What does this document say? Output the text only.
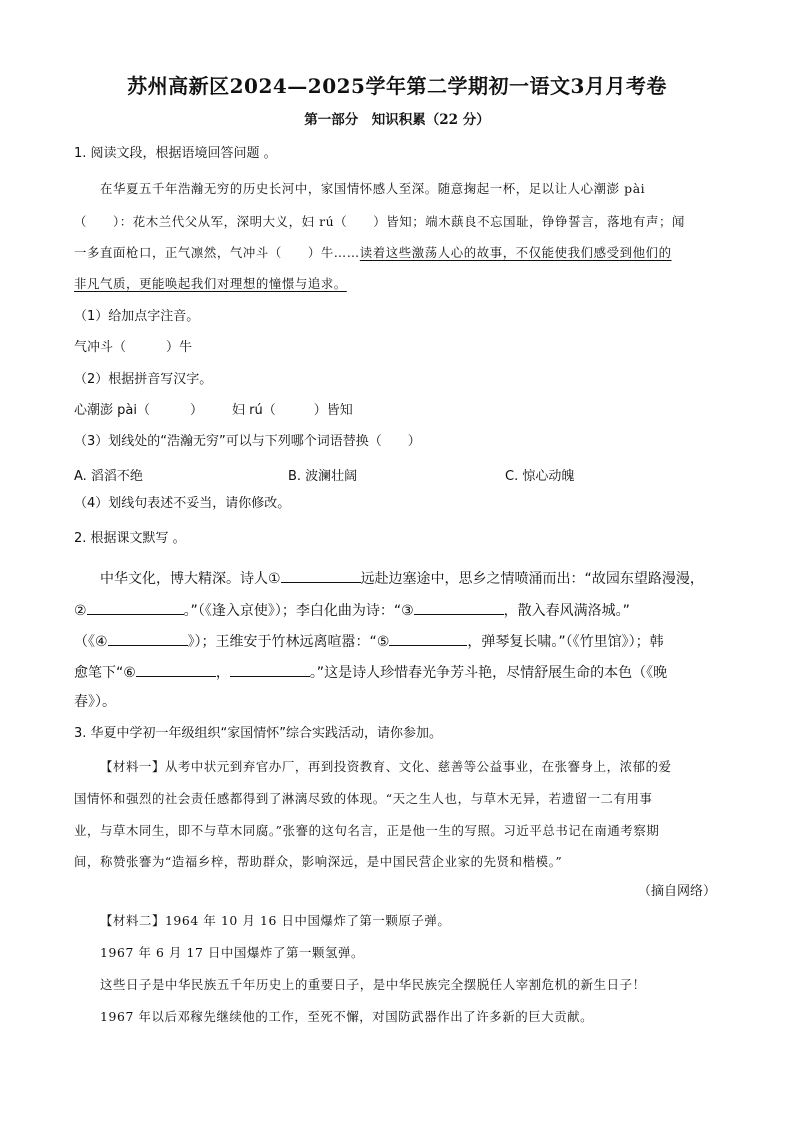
苏州高新区2024—2025学年第二学期初一语文3月月考卷
第一部分　知识积累（22 分）
1. 阅读文段，根据语境回答问题 。
在华夏五千年浩瀚无穷的历史长河中，家国情怀感人至深。随意掬起一杯，足以让人心潮澎 pài
（　　）：花木兰代父从军，深明大义，妇 rú（　　）皆知；端木蕻良不忘国耻，铮铮誓言，落地有声；闻
一多直面枪口，正气凛然，气冲斗（　　）牛……读着这些激荡人心的故事，不仅能使我们感受到他们的
非凡气质，更能唤起我们对理想的憧憬与追求。
（1）给加点字注音。
气冲斗（	）牛
（2）根据拼音写汉字。
心潮澎 pài（	） 妇 rú（	）皆知
（3）划线处的“浩瀚无穷”可以与下列哪个词语替换（　　）
A. 滔滔不绝	B. 波澜壮阔	C. 惊心动魄
（4）划线句表述不妥当，请你修改。
2. 根据课文默写 。
中华文化，博大精深。诗人①	远赴边塞途中，思乡之情喷涌而出：“故园东望路漫漫，
②	。”（《逢入京使》）；李白化曲为诗：“③	，散入春风满洛城。”
（《④	》）；王维安于竹林远离喧嚣：“⑤	，弹琴复长啸。”（《竹里馆》）；韩
愈笔下“⑥	，	。”这是诗人珍惜春光争芳斗艳，尽情舒展生命的本色（《晚
春》）。
3. 华夏中学初一年级组织“家国情怀”综合实践活动，请你参加。
【材料一】从考中状元到弃官办厂，再到投资教育、文化、慈善等公益事业，在张謇身上，浓郁的爱
国情怀和强烈的社会责任感都得到了淋漓尽致的体现。“天之生人也，与草木无异，若遗留一二有用事
业，与草木同生，即不与草木同腐。”张謇的这句名言，正是他一生的写照。习近平总书记在南通考察期
间，称赞张謇为“造福乡梓，帮助群众，影响深远，是中国民营企业家的先贤和楷模。”
（摘自网络）
【材料二】1964 年 10 月 16 日中国爆炸了第一颗原子弹。
1967 年 6 月 17 日中国爆炸了第一颗氢弹。
这些日子是中华民族五千年历史上的重要日子，是中华民族完全摆脱任人宰割危机的新生日子！
1967 年以后邓稼先继续他的工作，至死不懈，对国防武器作出了许多新的巨大贡献。
